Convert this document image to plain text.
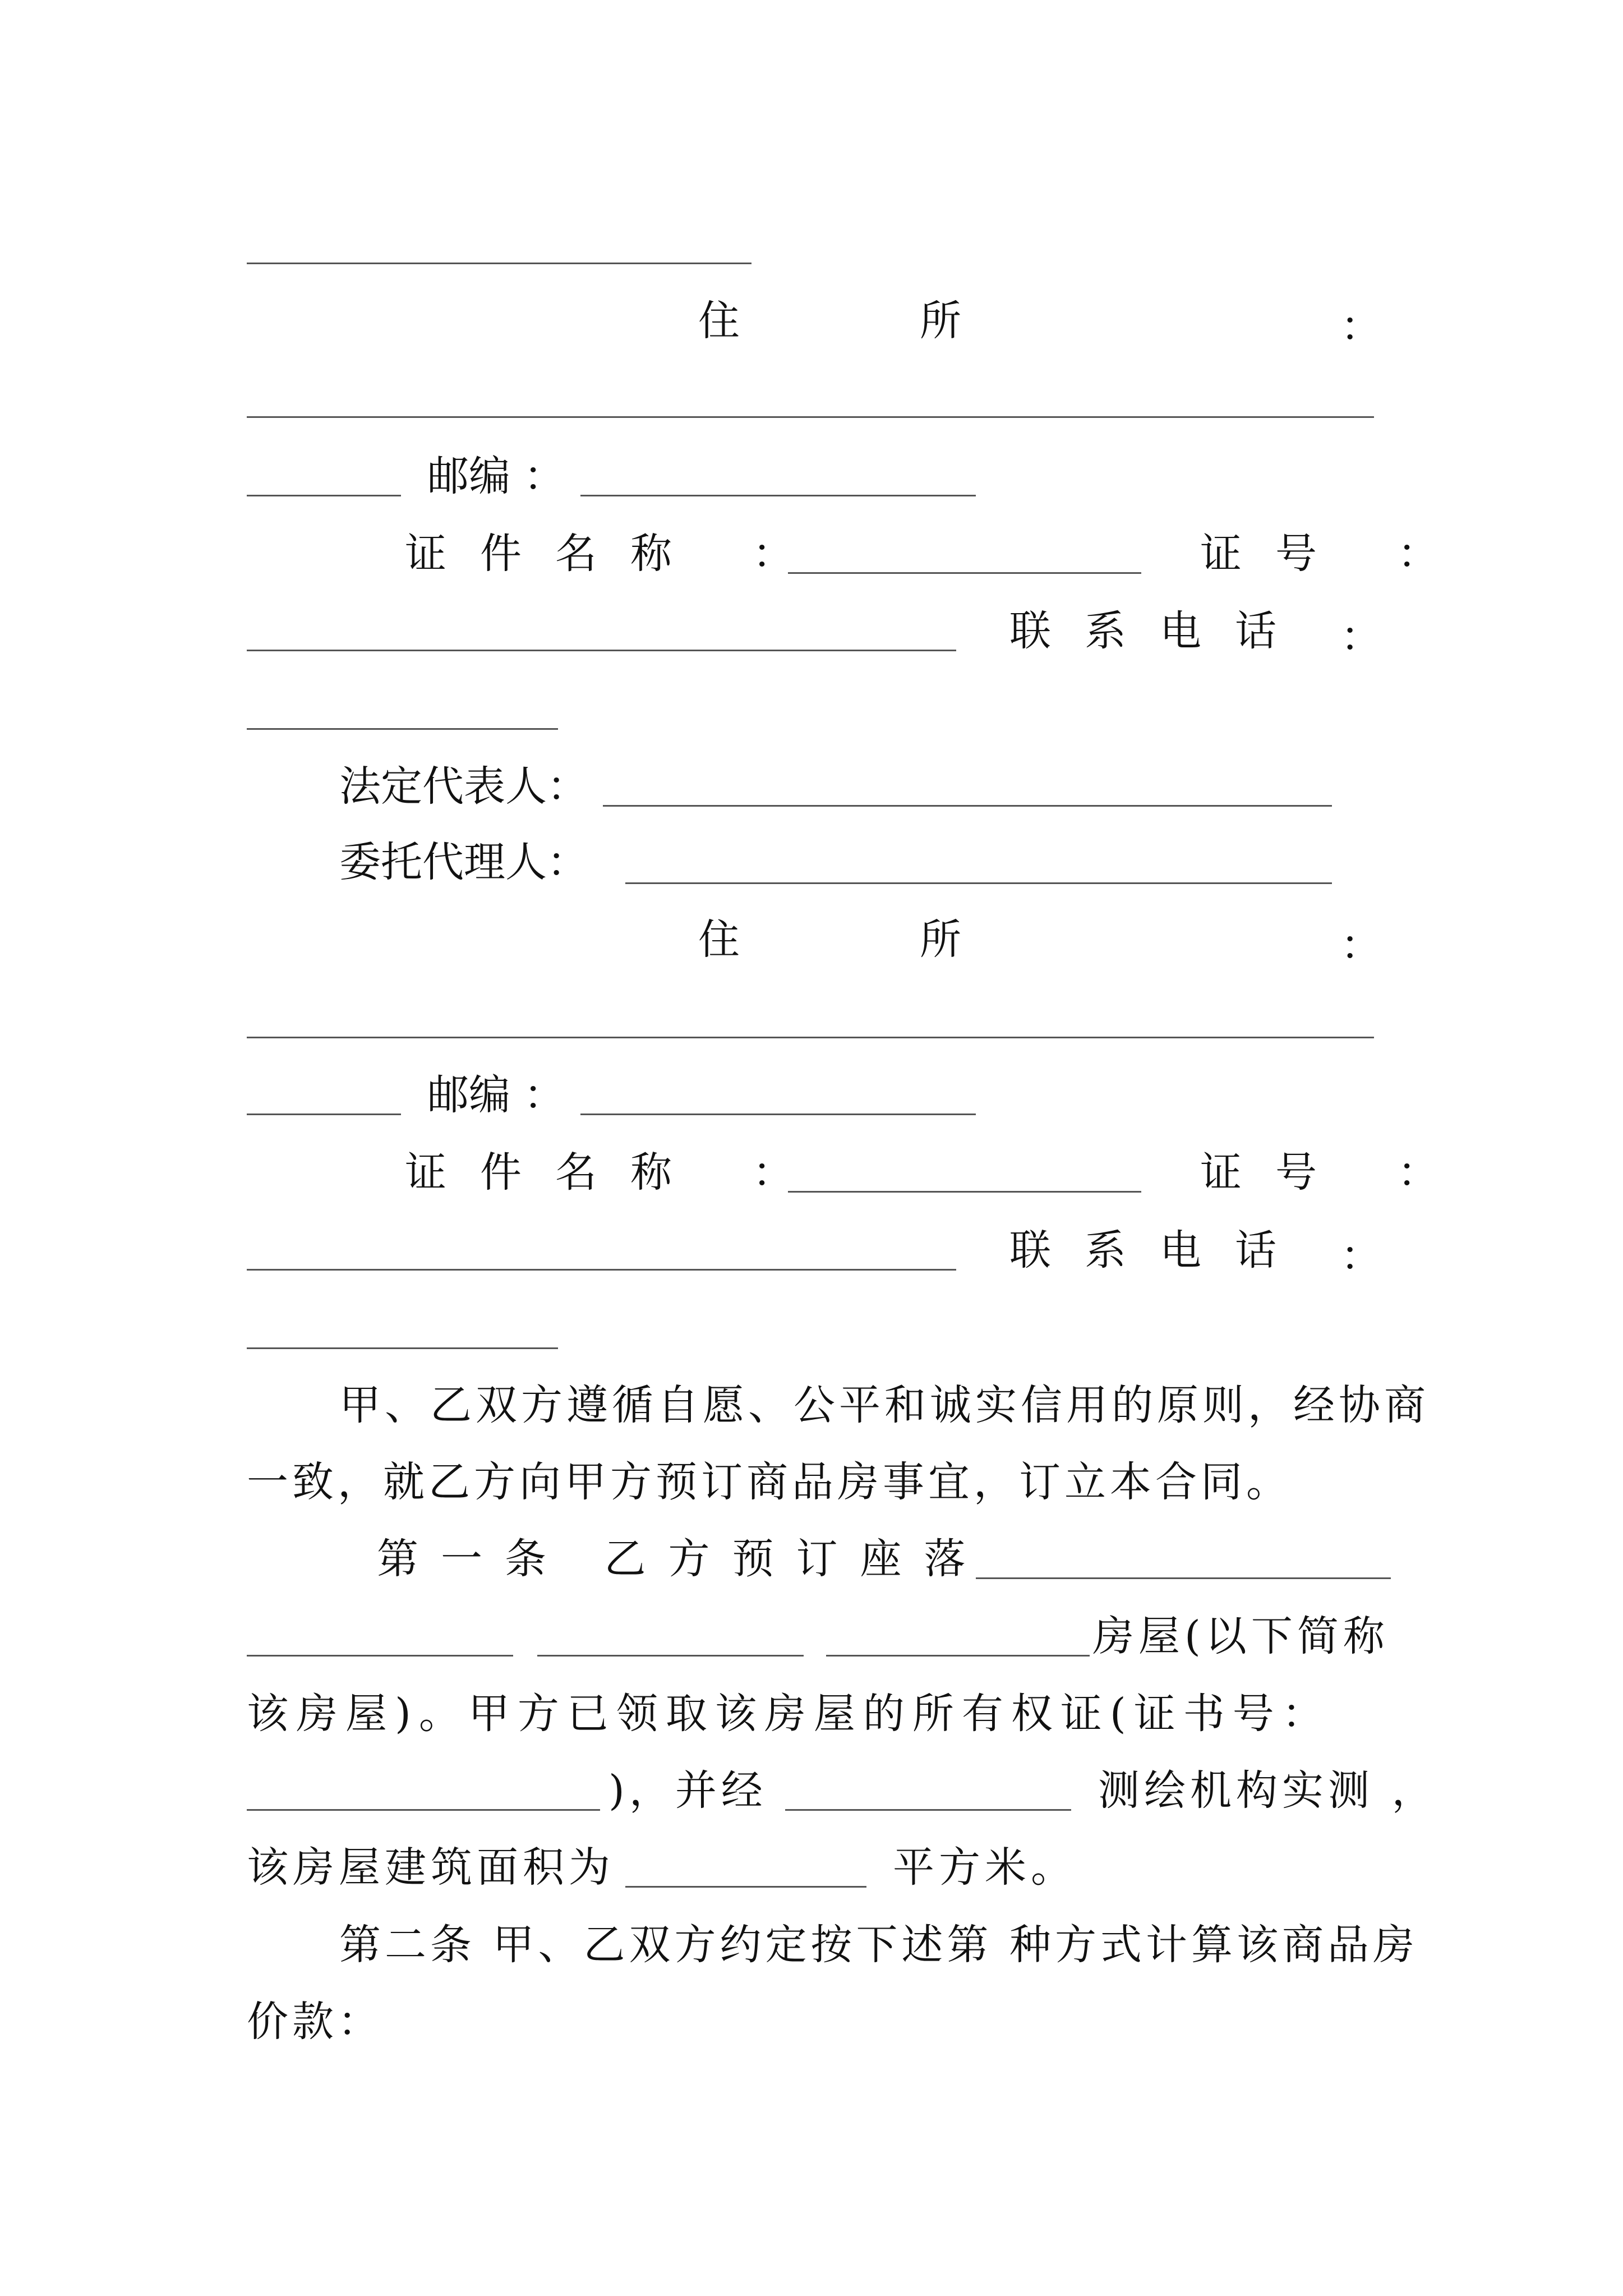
住	所	：
邮编 ：
证件名称 ：	证号 ：
联系电话 ：
法定代表人：
委托代理人：
住	所	：
邮编 ：
证件名称 ：	证号 ：
联系电话 ：
甲、乙双方遵循自愿、公平和诚实信用的原则，经协商
一致，就乙方向甲方预订商品房事宜，订立本合同。
第一条 乙方预订座落
房屋(以下简称
该房屋)。甲方已领取该房屋的所有权证(证书号：
)，并经	测绘机构实测 ，
该房屋建筑面积为	平方米。
第二条 甲、乙双方约定按下述第 种方式计算该商品房
价款：
